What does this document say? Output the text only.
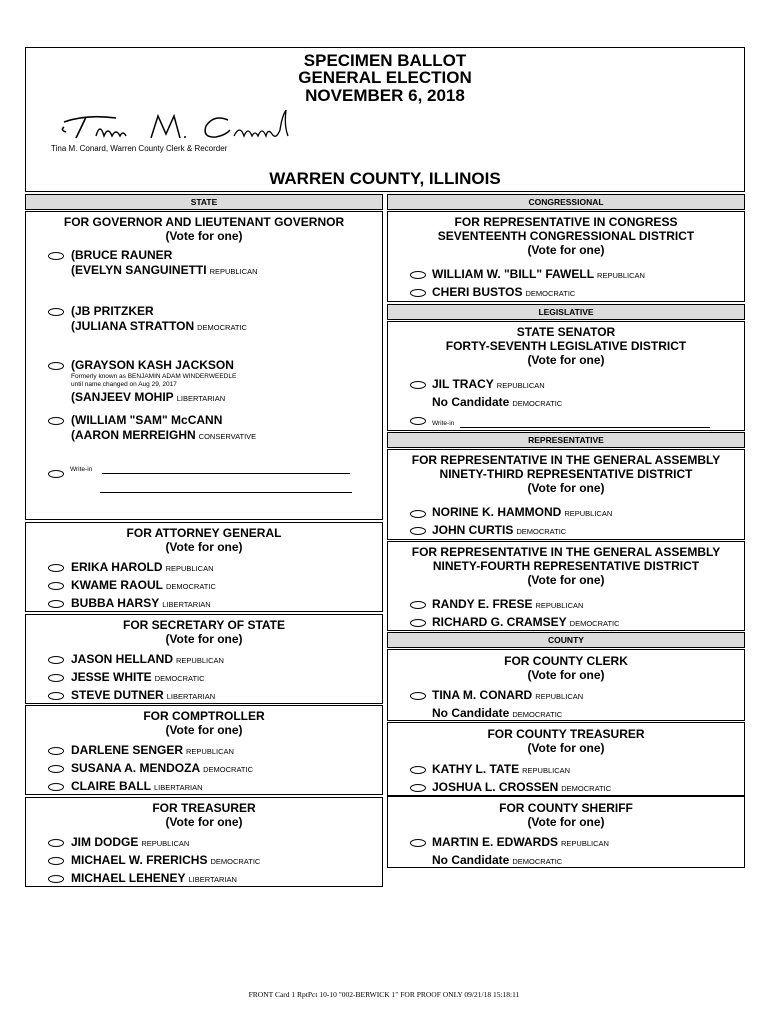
SPECIMEN BALLOT
GENERAL ELECTION
NOVEMBER 6, 2018
Tina M. Conard, Warren County Clerk & Recorder
WARREN COUNTY, ILLINOIS
STATE	CONGRESSIONAL
LEGISLATIVE
REPRESENTATIVE
COUNTY
FOR GOVERNOR AND LIEUTENANT GOVERNOR
(Vote for one)
(BRUCE RAUNER
(EVELYN SANGUINETTI REPUBLICAN
(JB PRITZKER
(JULIANA STRATTON DEMOCRATIC
(GRAYSON KASH JACKSON
Formerly known as BENJAMIN ADAM WINDERWEEDLE
until name changed on Aug 29, 2017
(SANJEEV MOHIP LIBERTARIAN
(WILLIAM "SAM" McCANN
(AARON MERREIGHN CONSERVATIVE
Write-in
FOR ATTORNEY GENERAL
(Vote for one)
ERIKA HAROLD REPUBLICAN
KWAME RAOUL DEMOCRATIC
BUBBA HARSY LIBERTARIAN
FOR SECRETARY OF STATE
(Vote for one)
JASON HELLAND REPUBLICAN
JESSE WHITE DEMOCRATIC
STEVE DUTNER LIBERTARIAN
FOR COMPTROLLER
(Vote for one)
DARLENE SENGER REPUBLICAN
SUSANA A. MENDOZA DEMOCRATIC
CLAIRE BALL LIBERTARIAN
FOR TREASURER
(Vote for one)
JIM DODGE REPUBLICAN
MICHAEL W. FRERICHS DEMOCRATIC
MICHAEL LEHENEY LIBERTARIAN
FOR REPRESENTATIVE IN CONGRESS
SEVENTEENTH CONGRESSIONAL DISTRICT
(Vote for one)
WILLIAM W. "BILL" FAWELL REPUBLICAN
CHERI BUSTOS DEMOCRATIC
STATE SENATOR
FORTY-SEVENTH LEGISLATIVE DISTRICT
(Vote for one)
JIL TRACY REPUBLICAN
No Candidate DEMOCRATIC
Write-in
FOR REPRESENTATIVE IN THE GENERAL ASSEMBLY
NINETY-THIRD REPRESENTATIVE DISTRICT
(Vote for one)
NORINE K. HAMMOND REPUBLICAN
JOHN CURTIS DEMOCRATIC
FOR REPRESENTATIVE IN THE GENERAL ASSEMBLY
NINETY-FOURTH REPRESENTATIVE DISTRICT
(Vote for one)
RANDY E. FRESE REPUBLICAN
RICHARD G. CRAMSEY DEMOCRATIC
FOR COUNTY CLERK
(Vote for one)
TINA M. CONARD REPUBLICAN
No Candidate DEMOCRATIC
FOR COUNTY TREASURER
(Vote for one)
KATHY L. TATE REPUBLICAN
JOSHUA L. CROSSEN DEMOCRATIC
FOR COUNTY SHERIFF
(Vote for one)
MARTIN E. EDWARDS REPUBLICAN
No Candidate DEMOCRATIC
FRONT Card 1 RptPct 10-10 "002-BERWICK 1" FOR PROOF ONLY 09/21/18 15:18:11
